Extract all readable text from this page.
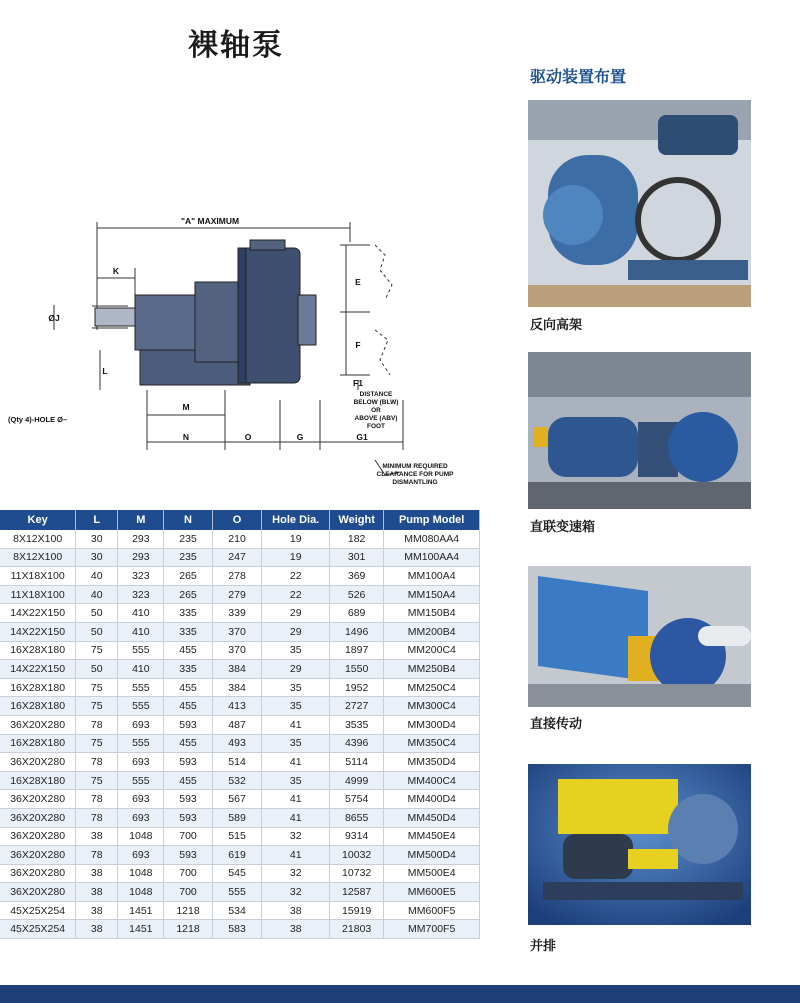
裸轴泵
驱动装置布置
"A" MAXIMUM
K
ØJ
L
M
E
F
F1
N	O	G	G1
(Qty 4)-HOLE Ø–
DISTANCE
BELOW (BLW)
OR
ABOVE (ABV)
FOOT
MINIMUM REQUIRED
CLEARANCE FOR PUMP
DISMANTLING
反向高架
直联变速箱
直接传动
并排
Key	L	M	N	O	Hole Dia.	Weight	Pump Model
8X12X100	30	293	235	210	19	182	MM080AA4
8X12X100	30	293	235	247	19	301	MM100AA4
11X18X100	40	323	265	278	22	369	MM100A4
11X18X100	40	323	265	279	22	526	MM150A4
14X22X150	50	410	335	339	29	689	MM150B4
14X22X150	50	410	335	370	29	1496	MM200B4
16X28X180	75	555	455	370	35	1897	MM200C4
14X22X150	50	410	335	384	29	1550	MM250B4
16X28X180	75	555	455	384	35	1952	MM250C4
16X28X180	75	555	455	413	35	2727	MM300C4
36X20X280	78	693	593	487	41	3535	MM300D4
16X28X180	75	555	455	493	35	4396	MM350C4
36X20X280	78	693	593	514	41	5114	MM350D4
16X28X180	75	555	455	532	35	4999	MM400C4
36X20X280	78	693	593	567	41	5754	MM400D4
36X20X280	78	693	593	589	41	8655	MM450D4
36X20X280	38	1048	700	515	32	9314	MM450E4
36X20X280	78	693	593	619	41	10032	MM500D4
36X20X280	38	1048	700	545	32	10732	MM500E4
36X20X280	38	1048	700	555	32	12587	MM600E5
45X25X254	38	1451	1218	534	38	15919	MM600F5
45X25X254	38	1451	1218	583	38	21803	MM700F5
